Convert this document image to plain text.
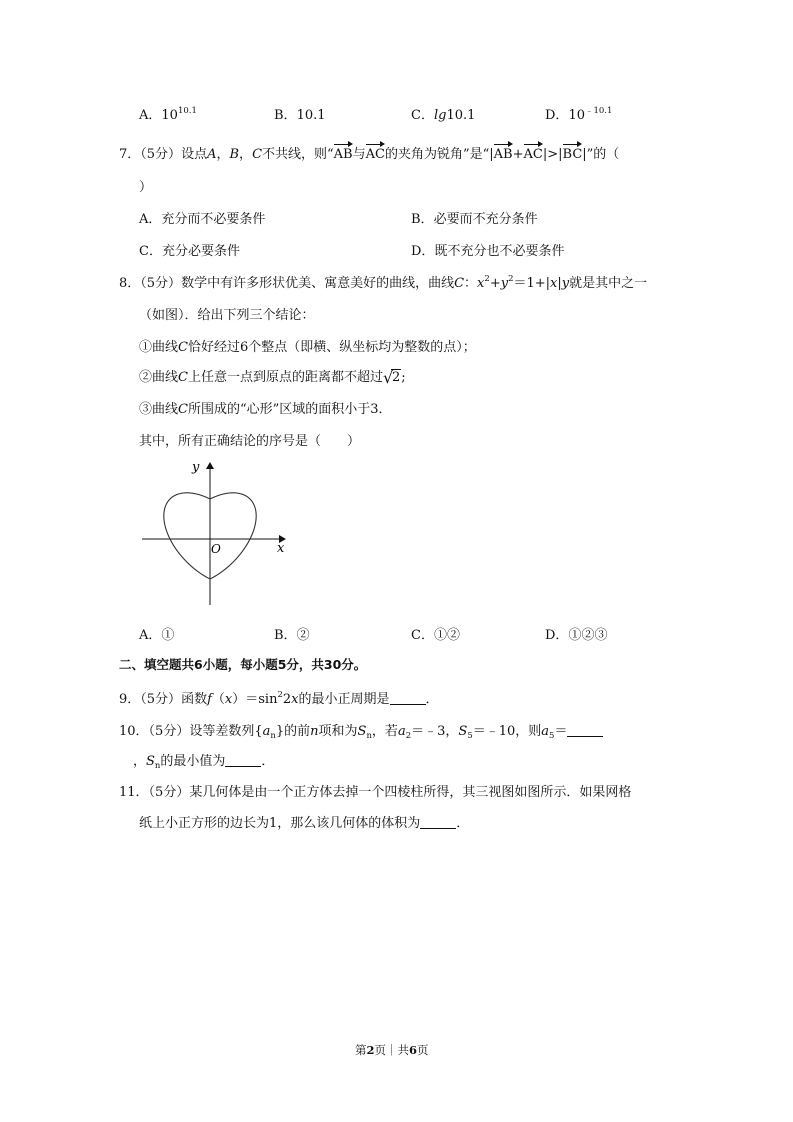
A．$10^{10.1}$	B．10.1	C．lg10.1	D．$10^{﹣10.1}$
7．（5分）设点A，B，C不共线，则“AB与AC的夹角为锐角”是“|AB+AC|>|BC|”的（
）
A．充分而不必要条件	B．必要而不充分条件
C．充分必要条件	D．既不充分也不必要条件
8．（5分）数学中有许多形状优美、寓意美好的曲线，曲线C：$x^2+y^2=1+|x|y$就是其中之一
（如图）．给出下列三个结论：
①曲线C恰好经过6个整点（即横、纵坐标均为整数的点）；
②曲线C上任意一点到原点的距离都不超过 √
2;
③曲线C所围成的“心形”区域的面积小于3．
其中，所有正确结论的序号是（　　）
y
x
O
A．①	B．②	C．①②	D．①②③
二、填空题共6小题，每小题5分，共30分。
9．（5分）函数$f(x)=\sin^22x$的最小正周期是	．
10．（5分）设等差数列$\{a_n\}$的前n项和为$S_n$，若$a_2=﹣3$，$S_5=﹣10$，则$a_5=$
，$S_n$的最小值为	．
11．（5分）某几何体是由一个正方体去掉一个四棱柱所得，其三视图如图所示．如果网格
纸上小正方形的边长为1，那么该几何体的体积为	．
第2页｜共6页
